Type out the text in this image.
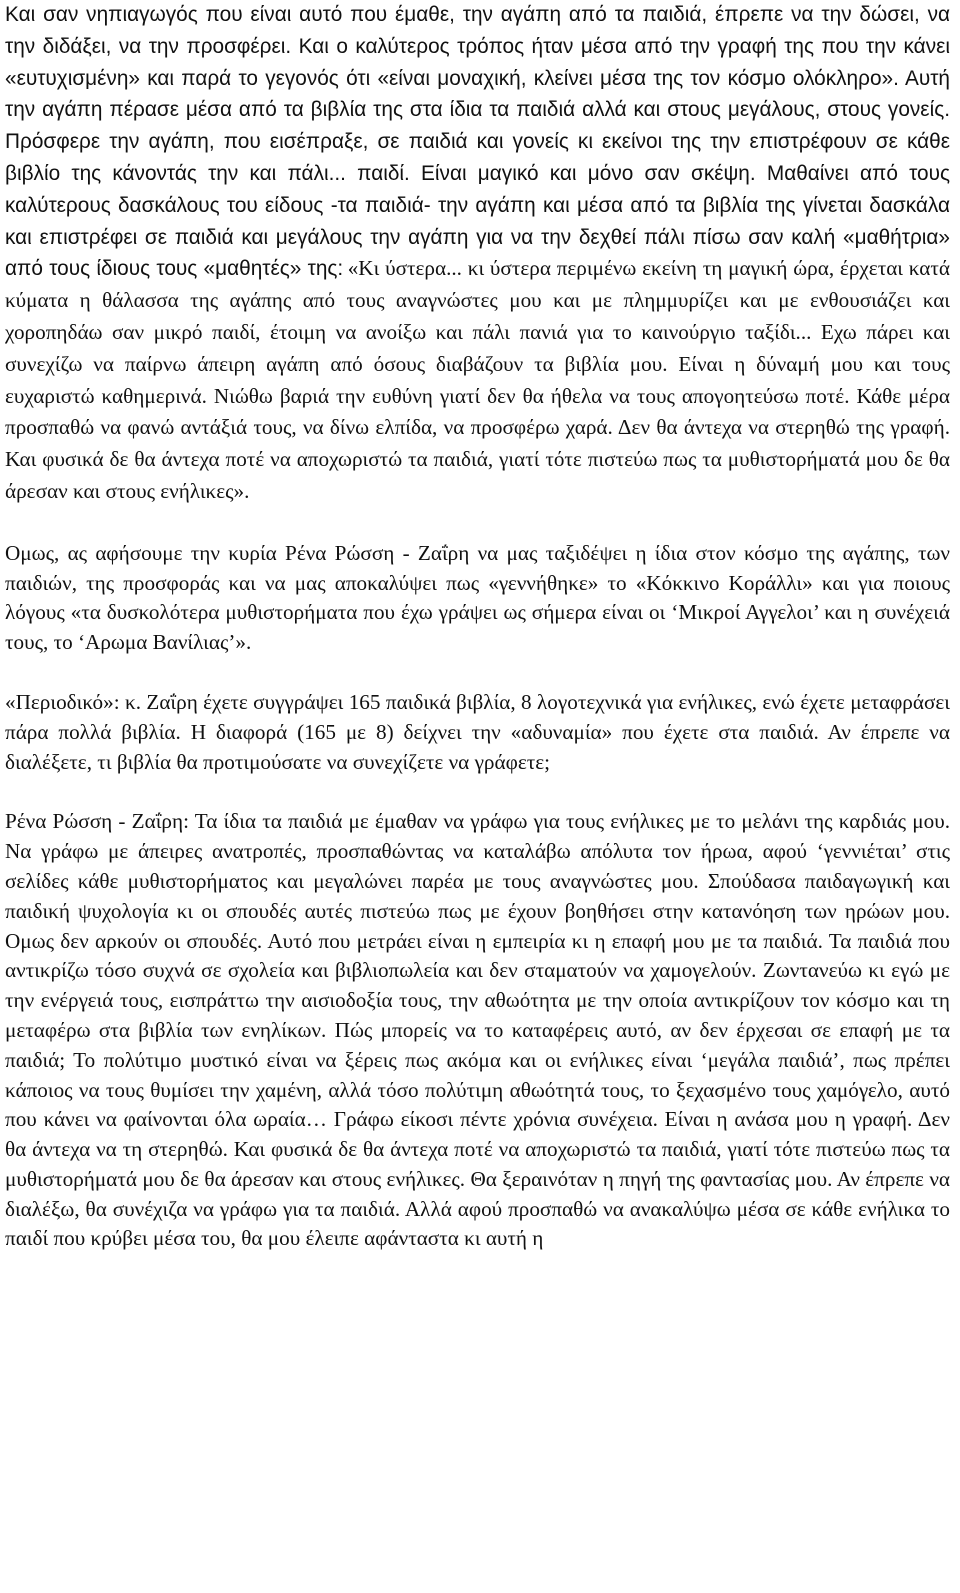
Και σαν νηπιαγωγός που είναι αυτό που έμαθε, την αγάπη από τα παιδιά, έπρεπε να την δώσει, να την διδάξει, να την προσφέρει. Και ο καλύτερος τρόπος ήταν μέσα από την γραφή της που την κάνει «ευτυχισμένη» και παρά το γεγονός ότι «είναι μοναχική, κλείνει μέσα της τον κόσμο ολόκληρο». Αυτή την αγάπη πέρασε μέσα από τα βιβλία της στα ίδια τα παιδιά αλλά και στους μεγάλους, στους γονείς. Πρόσφερε την αγάπη, που εισέπραξε, σε παιδιά και γονείς κι εκείνοι της την επιστρέφουν σε κάθε βιβλίο της κάνοντάς την και πάλι... παιδί. Είναι μαγικό και μόνο σαν σκέψη. Μαθαίνει από τους καλύτερους δασκάλους του είδους -τα παιδιά- την αγάπη και μέσα από τα βιβλία της γίνεται δασκάλα και επιστρέφει σε παιδιά και μεγάλους την αγάπη για να την δεχθεί πάλι πίσω σαν καλή «μαθήτρια» από τους ίδιους τους «μαθητές» της: «Κι ύστερα... κι ύστερα περιμένω εκείνη τη μαγική ώρα, έρχεται κατά κύματα η θάλασσα της αγάπης από τους αναγνώστες μου και με πλημμυρίζει και με ενθουσιάζει και χοροπηδάω σαν μικρό παιδί, έτοιμη να ανοίξω και πάλι πανιά για το καινούργιο ταξίδι... Εχω πάρει και συνεχίζω να παίρνω άπειρη αγάπη από όσους διαβάζουν τα βιβλία μου. Είναι η δύναμή μου και τους ευχαριστώ καθημερινά. Νιώθω βαριά την ευθύνη γιατί δεν θα ήθελα να τους απογοητεύσω ποτέ. Κάθε μέρα προσπαθώ να φανώ αντάξιά τους, να δίνω ελπίδα, να προσφέρω χαρά. Δεν θα άντεχα να στερηθώ της γραφή. Και φυσικά δε θα άντεχα ποτέ να αποχωριστώ τα παιδιά, γιατί τότε πιστεύω πως τα μυθιστορήματά μου δε θα άρεσαν και στους ενήλικες».

Ομως, ας αφήσουμε την κυρία Ρένα Ρώσση - Ζαΐρη να μας ταξιδέψει η ίδια στον κόσμο της αγάπης, των παιδιών, της προσφοράς και να μας αποκαλύψει πως «γεννήθηκε» το «Κόκκινο Κοράλλι» και για ποιους λόγους «τα δυσκολότερα μυθιστορήματα που έχω γράψει ως σήμερα είναι οι ‘Μικροί Αγγελοι’ και η συνέχειά τους, το ‘Αρωμα Βανίλιας’».

«Περιοδικό»: κ. Ζαΐρη έχετε συγγράψει 165 παιδικά βιβλία, 8 λογοτεχνικά για ενήλικες, ενώ έχετε μεταφράσει πάρα πολλά βιβλία. Η διαφορά (165 με 8) δείχνει την «αδυναμία» που έχετε στα παιδιά. Αν έπρεπε να διαλέξετε, τι βιβλία θα προτιμούσατε να συνεχίζετε να γράφετε;

Ρένα Ρώσση - Ζαΐρη: Τα ίδια τα παιδιά με έμαθαν να γράφω για τους ενήλικες με το μελάνι της καρδιάς μου. Να γράφω με άπειρες ανατροπές, προσπαθώντας να καταλάβω απόλυτα τον ήρωα, αφού ‘γεννιέται’ στις σελίδες κάθε μυθιστορήματος και μεγαλώνει παρέα με τους αναγνώστες μου. Σπούδασα παιδαγωγική και παιδική ψυχολογία κι οι σπουδές αυτές πιστεύω πως με έχουν βοηθήσει στην κατανόηση των ηρώων μου. Ομως δεν αρκούν οι σπουδές. Αυτό που μετράει είναι η εμπειρία κι η επαφή μου με τα παιδιά. Τα παιδιά που αντικρίζω τόσο συχνά σε σχολεία και βιβλιοπωλεία και δεν σταματούν να χαμογελούν. Ζωντανεύω κι εγώ με την ενέργειά τους, εισπράττω την αισιοδοξία τους, την αθωότητα με την οποία αντικρίζουν τον κόσμο και τη μεταφέρω στα βιβλία των ενηλίκων. Πώς μπορείς να το καταφέρεις αυτό, αν δεν έρχεσαι σε επαφή με τα παιδιά; Το πολύτιμο μυστικό είναι να ξέρεις πως ακόμα και οι ενήλικες είναι ‘μεγάλα παιδιά’, πως πρέπει κάποιος να τους θυμίσει την χαμένη, αλλά τόσο πολύτιμη αθωότητά τους, το ξεχασμένο τους χαμόγελο, αυτό που κάνει να φαίνονται όλα ωραία… Γράφω είκοσι πέντε χρόνια συνέχεια. Είναι η ανάσα μου η γραφή. Δεν θα άντεχα να τη στερηθώ. Και φυσικά δε θα άντεχα ποτέ να αποχωριστώ τα παιδιά, γιατί τότε πιστεύω πως τα μυθιστορήματά μου δε θα άρεσαν και στους ενήλικες. Θα ξεραινόταν η πηγή της φαντασίας μου. Αν έπρεπε να διαλέξω, θα συνέχιζα να γράφω για τα παιδιά. Αλλά αφού προσπαθώ να ανακαλύψω μέσα σε κάθε ενήλικα το παιδί που κρύβει μέσα του, θα μου έλειπε αφάνταστα κι αυτή η
